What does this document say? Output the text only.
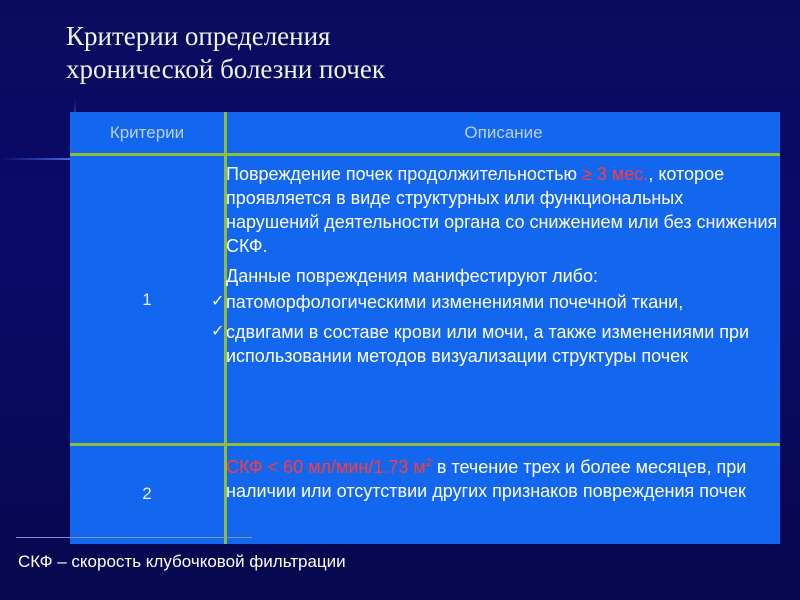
Критерии определения
хронической болезни почек
Критерии	Описание
1

Повреждение почек продолжительностью ≥ 3 мес., которое проявляется в виде структурных или функциональных нарушений деятельности органа со снижением или без снижения СКФ.

Данные повреждения манифестируют либо:

✓ патоморфологическими изменениями почечной ткани,

✓ сдвигами в составе крови или мочи, а также изменениями при использовании методов визуализации структуры почек

2

СКФ < 60 мл/мин/1.73 $м^2$ в течение трех и более месяцев, при наличии или отсутствии других признаков повреждения почек

СКФ – скорость клубочковой фильтрации
